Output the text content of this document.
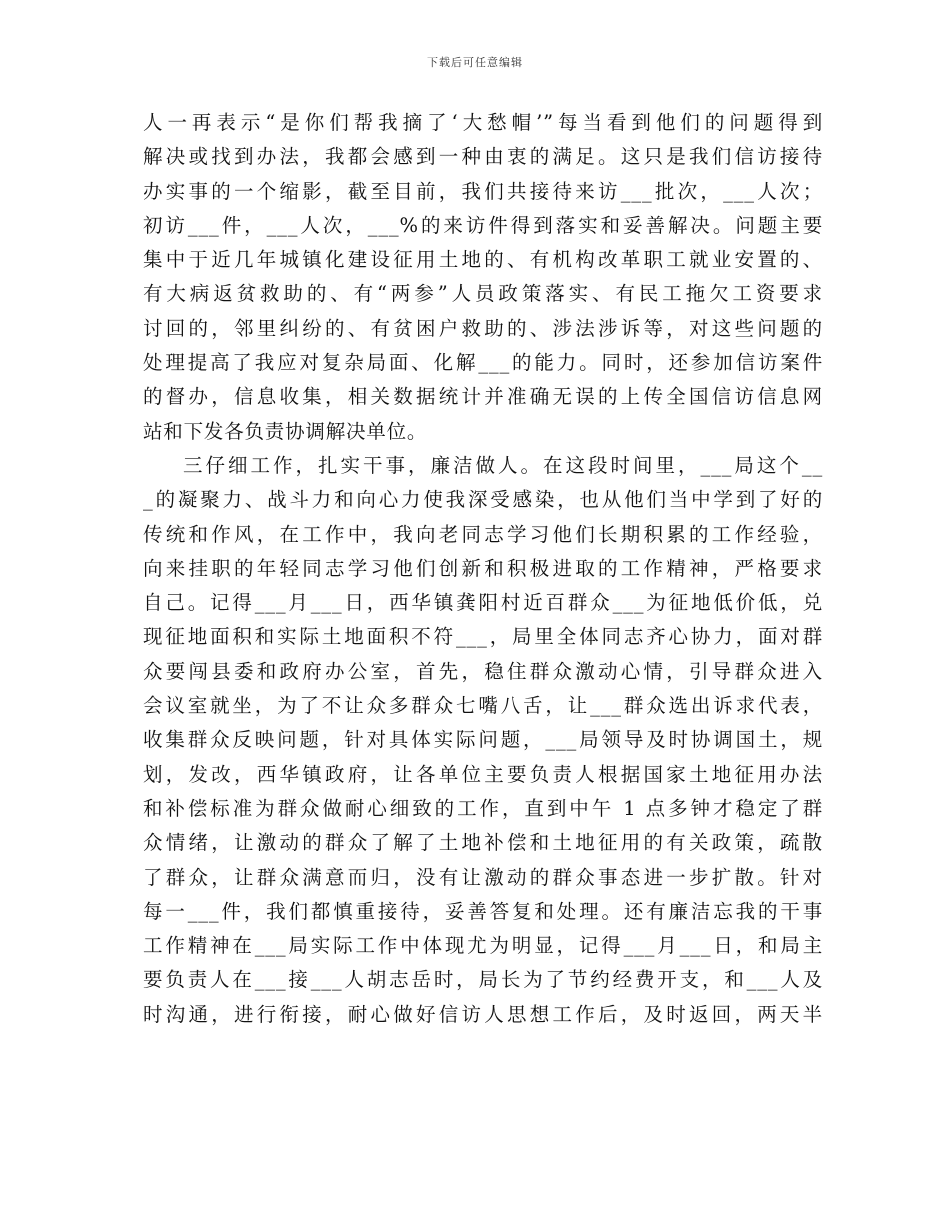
下载后可任意编辑
人一再表示“是你们帮我摘了‘大愁帽’”每当看到他们的问题得到
解决或找到办法，我都会感到一种由衷的满足。这只是我们信访接待
办实事的一个缩影，截至目前，我们共接待来访___批次，___人次；
初访___件，___人次，___%的来访件得到落实和妥善解决。问题主要
集中于近几年城镇化建设征用土地的、有机构改革职工就业安置的、
有大病返贫救助的、有“两参”人员政策落实、有民工拖欠工资要求
讨回的，邻里纠纷的、有贫困户救助的、涉法涉诉等，对这些问题的
处理提高了我应对复杂局面、化解___的能力。同时，还参加信访案件
的督办，信息收集，相关数据统计并准确无误的上传全国信访信息网
站和下发各负责协调解决单位。
三仔细工作，扎实干事，廉洁做人。在这段时间里，___局这个__
_的凝聚力、战斗力和向心力使我深受感染，也从他们当中学到了好的
传统和作风，在工作中，我向老同志学习他们长期积累的工作经验，
向来挂职的年轻同志学习他们创新和积极进取的工作精神，严格要求
自己。记得___月___日，西华镇龚阳村近百群众___为征地低价低，兑
现征地面积和实际土地面积不符___，局里全体同志齐心协力，面对群
众要闯县委和政府办公室，首先，稳住群众激动心情，引导群众进入
会议室就坐，为了不让众多群众七嘴八舌，让___群众选出诉求代表，
收集群众反映问题，针对具体实际问题，___局领导及时协调国土，规
划，发改，西华镇政府，让各单位主要负责人根据国家土地征用办法
和补偿标准为群众做耐心细致的工作，直到中午 1 点多钟才稳定了群
众情绪，让激动的群众了解了土地补偿和土地征用的有关政策，疏散
了群众，让群众满意而归，没有让激动的群众事态进一步扩散。针对
每一___件，我们都慎重接待，妥善答复和处理。还有廉洁忘我的干事
工作精神在___局实际工作中体现尤为明显，记得___月___日，和局主
要负责人在___接___人胡志岳时，局长为了节约经费开支，和___人及
时沟通，进行衔接，耐心做好信访人思想工作后，及时返回，两天半
